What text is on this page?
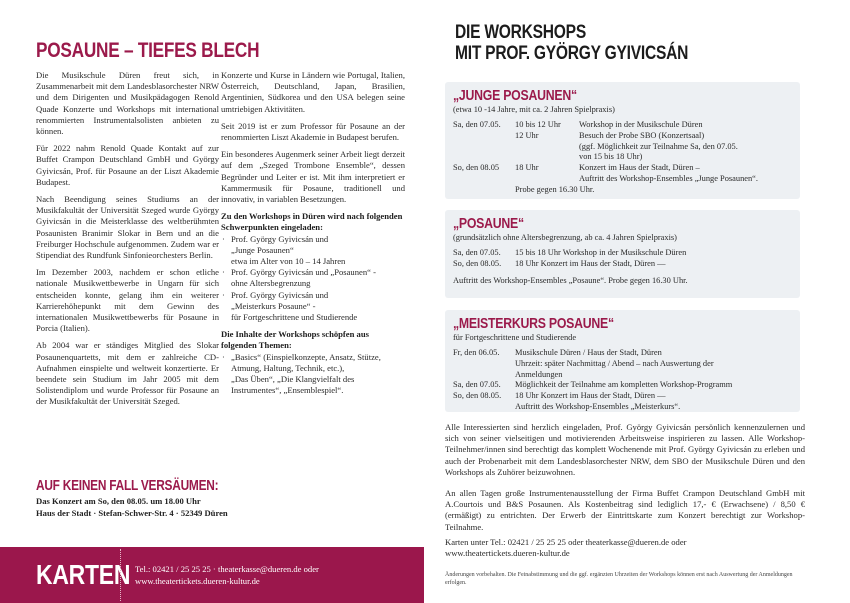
POSAUNE – TIEFES BLECH

Die Musikschule Düren freut sich, in Zusammenarbeit mit dem Landesblasorchester NRW und dem Dirigenten und Musikpädagogen Renold Quade Konzerte und Workshops mit international renommierten Instrumentalsolisten anbieten zu können.

Für 2022 nahm Renold Quade Kontakt auf zur Buffet Crampon Deutschland GmbH und György Gyivicsán, Prof. für Posaune an der Liszt Akademie Budapest.

Nach Beendigung seines Studiums an der Musikfakultät der Universität Szeged wurde György Gyivicsán in die Meisterklasse des weltberühmten Posaunisten Branimir Slokar in Bern und an die Freiburger Hochschule aufgenommen. Zudem war er Stipendiat des Rundfunk Sinfonieorchesters Berlin.

Im Dezember 2003, nachdem er schon etliche nationale Musikwettbewerbe in Ungarn für sich entscheiden konnte, gelang ihm ein weiterer Karrierehöhepunkt mit dem Gewinn des internationalen Musikwettbewerbs für Posaune in Porcia (Italien).

Ab 2004 war er ständiges Mitglied des Slokar Posaunenquartetts, mit dem er zahlreiche CD-Aufnahmen einspielte und weltweit konzertierte. Er beendete sein Studium im Jahr 2005 mit dem Solistendiplom und wurde Professor für Posaune an der Musikfakultät der Universität Szeged.

Konzerte und Kurse in Ländern wie Portugal, Italien, Österreich, Deutschland, Japan, Brasilien, Argentinien, Südkorea und den USA belegen seine umtriebigen Aktivitäten.

Seit 2019 ist er zum Professor für Posaune an der renommierten Liszt Akademie in Budapest berufen.

Ein besonderes Augenmerk seiner Arbeit liegt derzeit auf dem „Szeged Trombone Ensemble“, dessen Begründer und Leiter er ist. Mit ihm interpretiert er Kammermusik für Posaune, traditionell und innovativ, in variablen Besetzungen.

Zu den Workshops in Düren wird nach folgenden Schwerpunkten eingeladen:

· Prof. György Gyivicsán und
„Junge Posaunen“
etwa im Alter von 10 – 14 Jahren
· Prof. György Gyivicsán und „Posaunen“ -
ohne Altersbegrenzung
· Prof. György Gyivicsán und
„Meisterkurs Posaune“ -
für Fortgeschrittene und Studierende

Die Inhalte der Workshops schöpfen aus folgenden Themen:

· „Basics“ (Einspielkonzepte, Ansatz, Stütze,
Atmung, Haltung, Technik, etc.),
„Das Üben“, „Die Klangvielfalt des
Instrumentes“, „Ensemblespiel“.
AUF KEINEN FALL VERSÄUMEN:
Das Konzert am So, den 08.05. um 18.00 Uhr
Haus der Stadt · Stefan-Schwer-Str. 4 · 52349 Düren
KARTEN Tel.: 02421 / 25 25 25 · theaterkasse@dueren.de oder
www.theatertickets.dueren-kultur.de
DIE WORKSHOPS
MIT PROF. GYÖRGY GYIVICSÁN
„JUNGE POSAUNEN“
(etwa 10 -14 Jahre, mit ca. 2 Jahren Spielpraxis)
Sa, den 07.05.	10 bis 12 Uhr	Workshop in der Musikschule Düren
12 Uhr	Besuch der Probe SBO (Konzertsaal)
(ggf. Möglichkeit zur Teilnahme Sa, den 07.05.
von 15 bis 18 Uhr)
So, den 08.05	18 Uhr	Konzert im Haus der Stadt, Düren –
Auftritt des Workshop-Ensembles „Junge Posaunen“.
Probe gegen 16.30 Uhr.
„POSAUNE“
(grundsätzlich ohne Altersbegrenzung, ab ca. 4 Jahren Spielpraxis)
Sa, den 07.05.	15 bis 18 Uhr Workshop in der Musikschule Düren
So, den 08.05.	18 Uhr Konzert im Haus der Stadt, Düren —
Auftritt des Workshop-Ensembles „Posaune“. Probe gegen 16.30 Uhr.
„MEISTERKURS POSAUNE“
für Fortgeschrittene und Studierende
Fr, den 06.05.	Musikschule Düren / Haus der Stadt, Düren
Uhrzeit: später Nachmittag / Abend – nach Auswertung der
Anmeldungen
Sa, den 07.05.	Möglichkeit der Teilnahme am kompletten Workshop-Programm
So, den 08.05.	18 Uhr Konzert im Haus der Stadt, Düren —
Auftritt des Workshop-Ensembles „Meisterkurs“.

Alle Interessierten sind herzlich eingeladen, Prof. György Gyivicsán persönlich kennenzulernen und sich von seiner vielseitigen und motivierenden Arbeitsweise inspirieren zu lassen. Alle Workshop-Teilnehmer/innen sind berechtigt das komplett Wochenende mit Prof. György Gyivicsán zu erleben und auch der Probenarbeit mit dem Landesblasorchester NRW, dem SBO der Musikschule Düren und den Workshops als Zuhörer beizuwohnen.

An allen Tagen große Instrumentenausstellung der Firma Buffet Crampon Deutschland GmbH mit A.Courtois und B&S Posaunen. Als Kostenbeitrag sind lediglich 17,- € (Erwachsene) / 8,50 € (ermäßigt) zu entrichten. Der Erwerb der Eintrittskarte zum Konzert berechtigt zur Workshop-Teilnahme.

Karten unter Tel.: 02421 / 25 25 25 oder theaterkasse@dueren.de oder
www.theatertickets.dueren-kultur.de
Änderungen vorbehalten. Die Feinabstimmung und die ggf. ergänzten Uhrzeiten der Workshops können erst nach Auswertung der Anmeldungen erfolgen.
